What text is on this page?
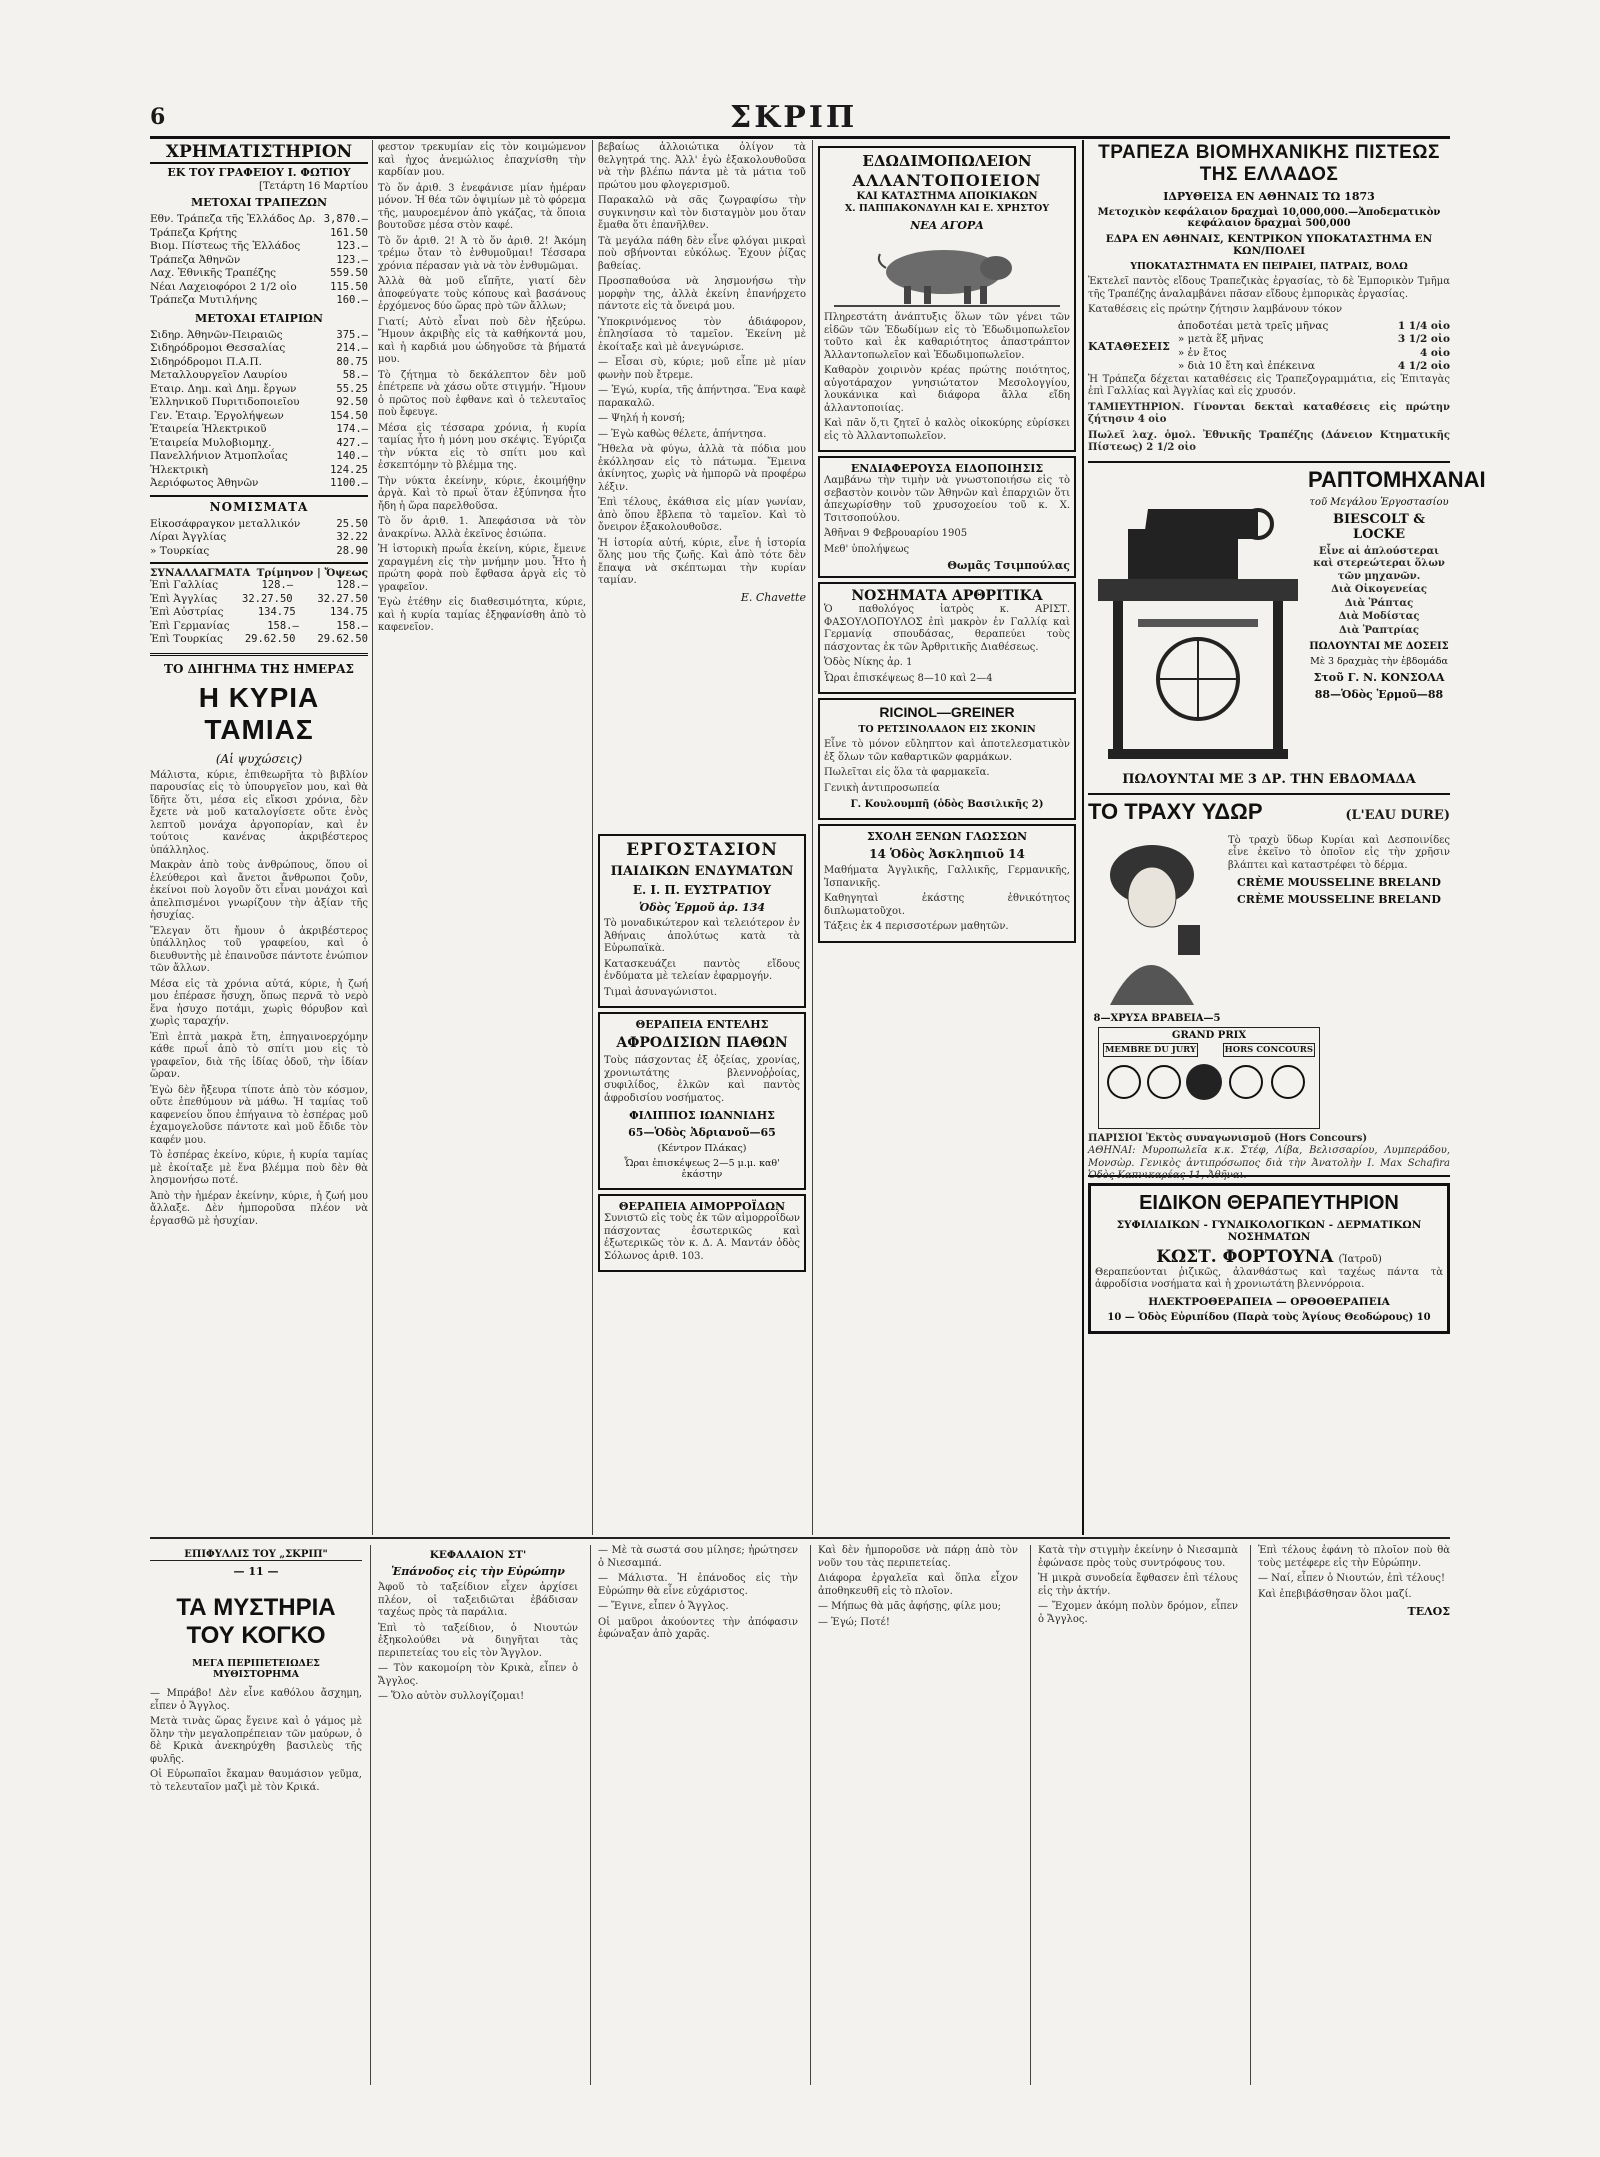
6	ΣΚΡΙΠ
ΧΡΗΜΑΤΙΣΤΗΡΙΟΝ
ΕΚ ΤΟΥ ΓΡΑΦΕΙΟΥ Ι. ΦΩΤΙΟΥ
[Τετάρτη 16 Μαρτίου
ΜΕΤΟΧΑΙ ΤΡΑΠΕΖΩΝ
Εθν. Τράπεζα τῆς Ἑλλάδος Δρ. 3,870.—
Τράπεζα Κρήτης	161.50
Βιομ. Πίστεως τῆς Ἑλλάδος	123.—
Τράπεζα Ἀθηνῶν	123.—
Λαχ. Ἐθνικῆς Τραπέζης	559.50
Νέαι Λαχειοφόροι 2 1/2 οἰο	115.50
Τράπεζα Μυτιλήνης	160.—
ΜΕΤΟΧΑΙ ΕΤΑΙΡΙΩΝ
Σιδηρ. Ἀθηνῶν-Πειραιῶς	375.—
Σιδηρόδρομοι Θεσσαλίας	214.—
Σιδηρόδρομοι Π.Α.Π.	80.75
Μεταλλουργεῖον Λαυρίου	58.—
Εταιρ. Δημ. καὶ Δημ. ἔργων	55.25
Ἑλληνικοῦ Πυριτιδοποιεῖου	92.50
Γεν. Ἑταιρ. Ἐργολήψεων	154.50
Ἑταιρεία Ἠλεκτρικοῦ	174.—
Ἑταιρεία Μυλοβιομηχ.	427.—
Πανελλήνιον Ἀτμοπλοΐας	140.—
Ἠλεκτρικὴ	124.25
Ἀεριόφωτος Ἀθηνῶν	1100.—
ΝΟΜΙΣΜΑΤΑ
Εἰκοσάφραγκον μεταλλικόν	25.50
Λίραι Ἀγγλίας	32.22
» Τουρκίας	28.90
ΣΥΝΑΛΛΑΓΜΑΤΑ Τρίμηνον | Ὄψεως
Ἐπὶ Γαλλίας	128.—	128.—
Ἐπὶ Ἀγγλίας 32.27.50 32.27.50
Ἐπὶ Αὐστρίας	134.75	134.75
Ἐπὶ Γερμανίας	158.—	158.—
Ἐπὶ Τουρκίας 29.62.50 29.62.50
ΤΟ ΔΙΗΓΗΜΑ ΤΗΣ ΗΜΕΡΑΣ
Η ΚΥΡΙΑ ΤΑΜΙΑΣ
(Αἱ ψυχώσεις)

Μάλιστα, κύριε, ἐπιθεωρῆτα τὸ βιβλίον παρουσίας εἰς τὸ ὑπουργεῖον μου, καὶ θὰ ἴδῆτε ὅτι, μέσα εἰς εἴκοσι χρόνια, δὲν ἔχετε νὰ μοῦ καταλογίσετε οὔτε ἑνὸς λεπτοῦ μονάχα ἀργοπορίαν, καὶ ἐν τούτοις κανένας ἀκριβέστερος ὑπάλληλος.

Μακρὰν ἀπὸ τοὺς ἀνθρώπους, ὅπου οἱ ἐλεύθεροι καὶ ἄνετοι ἄνθρωποι ζοῦν, ἐκείνοι ποὺ λογοῦν ὅτι εἶναι μονάχοι καὶ ἀπελπισμένοι γνωρίζουν τὴν ἀξίαν τῆς ἡσυχίας.

Ἔλεγαν ὅτι ἤμουν ὁ ἀκριβέστερος ὑπάλληλος τοῦ γραφείου, καὶ ὁ διευθυντὴς μὲ ἐπαινοῦσε πάντοτε ἐνώπιον τῶν ἄλλων.

Μέσα εἰς τὰ χρόνια αὐτά, κύριε, ἡ ζωή μου ἐπέρασε ἥσυχη, ὅπως περνᾶ τὸ νερὸ ἕνα ἡσυχο ποτάμι, χωρὶς θόρυβον καὶ χωρὶς ταραχήν.

Ἐπὶ ἑπτὰ μακρὰ ἔτη, ἐπηγαινοερχόμην κάθε πρωΐ ἀπὸ τὸ σπίτι μου εἰς τὸ γραφεῖον, διὰ τῆς ἰδίας ὁδοῦ, τὴν ἰδίαν ὥραν.

Ἐγὼ δὲν ἤξευρα τίποτε ἀπὸ τὸν κόσμον, οὔτε ἐπεθύμουν νὰ μάθω. Ἡ ταμίας τοῦ καφενείου ὅπου ἐπήγαινα τὸ ἑσπέρας μοῦ ἐχαμογελοῦσε πάντοτε καὶ μοῦ ἔδιδε τὸν καφέν μου.

Τὸ ἑσπέρας ἐκείνο, κύριε, ἡ κυρία ταμίας μὲ ἐκοίταξε μὲ ἕνα βλέμμα ποὺ δὲν θὰ λησμονήσω ποτέ.

Ἀπὸ τὴν ἡμέραν ἐκείνην, κύριε, ἡ ζωή μου ἄλλαξε. Δὲν ἠμποροῦσα πλέον νὰ ἐργασθῶ μὲ ἡσυχίαν.

φεστον τρεκυμίαν εἰς τὸν κοιμώμενον καὶ ἠχος ἀνεμώλιος ἐπαχνίσθη τὴν καρδίαν μου.

Τὸ ὅν ἀριθ. 3 ἐνεφάνισε μίαν ἡμέραν μόνον. Ἡ θέα τῶν ὀψιμίων μὲ τὸ φόρεμα τῆς, μαυροεμένον ἀπὸ γκάζας, τὰ ὅποια βουτοῦσε μέσα στὸν καφέ.

Τὸ ὅν ἀριθ. 2! Ἀ τὸ ὅν ἀριθ. 2! Ἀκόμη τρέμω ὅταν τὸ ἐνθυμοῦμαι! Τέσσαρα χρόνια πέρασαν γιὰ νὰ τὸν ἐνθυμῶμαι.

Ἀλλὰ θὰ μοῦ εἴπῆτε, γιατί δὲν ἀποφεύγατε τοὺς κόπους καὶ βασάνους ἐρχόμενος δύο ὥρας πρὸ τῶν ἄλλων;

Γιατί; Αὐτὸ εἶναι ποὺ δὲν ἠξεύρω. Ἤμουν ἀκριβὴς εἰς τὰ καθήκοντά μου, καὶ ἡ καρδιά μου ὠδηγοῦσε τὰ βήματά μου.

Τὸ ζήτημα τὸ δεκάλεπτον δὲν μοῦ ἐπέτρεπε νὰ χάσω οὔτε στιγμήν. Ἤμουν ὁ πρῶτος ποὺ ἐφθανε καὶ ὁ τελευταῖος ποὺ ἔφευγε.

Μέσα εἰς τέσσαρα χρόνια, ἡ κυρία ταμίας ἦτο ἡ μόνη μου σκέψις. Ἐγύριζα τὴν νύκτα εἰς τὸ σπίτι μου καὶ ἐσκεπτόμην τὸ βλέμμα της.

Τὴν νύκτα ἐκείνην, κύριε, ἐκοιμήθην ἀργὰ. Καὶ τὸ πρωΐ ὅταν ἐξύπνησα ἦτο ἤδη ἡ ὥρα παρελθοῦσα.

Τὸ ὅν ἀριθ. 1. Ἀπεφάσισα νὰ τὸν ἀνακρίνω. Ἀλλὰ ἐκεῖνος ἐσιώπα.

Ἡ ἱστορικὴ πρωΐα ἐκείνη, κύριε, ἔμεινε χαραγμένη εἰς τὴν μνήμην μου. Ἦτο ἡ πρώτη φορὰ ποὺ ἔφθασα ἀργὰ εἰς τὸ γραφεῖον.

Ἐγὼ ἐτέθην εἰς διαθεσιμότητα, κύριε, καὶ ἡ κυρία ταμίας ἐξηφανίσθη ἀπὸ τὸ καφενεῖον.

βεβαίως ἀλλοιώτικα ὀλίγον τὰ θελγητρά της. Ἀλλ' ἐγὼ ἐξακολουθοῦσα νὰ τὴν βλέπω πάντα μὲ τὰ μάτια τοῦ πρώτου μου φλογερισμοῦ.

Παρακαλῶ νὰ σᾶς ζωγραφίσω τὴν συγκινησιν καὶ τὸν δισταγμὸν μου ὅταν ἔμαθα ὅτι ἐπανῆλθεν.

Τὰ μεγάλα πάθη δὲν εἶνε φλόγαι μικραὶ ποὺ σβήνονται εὐκόλως. Ἐχουν ῥίζας βαθείας.

Προσπαθούσα νὰ λησμονήσω τὴν μορφὴν της, ἀλλὰ ἐκείνη ἐπανήρχετο πάντοτε εἰς τὰ ὄνειρά μου.

Ὑποκρινόμενος τὸν ἀδιάφορον, ἐπλησίασα τὸ ταμεῖον. Ἐκείνη μὲ ἐκοίταξε καὶ μὲ ἀνεγνώρισε.

— Εἶσαι σὺ, κύριε; μοῦ εἶπε μὲ μίαν φωνὴν ποὺ ἔτρεμε.

— Ἐγώ, κυρία, τῆς ἀπήντησα. Ἕνα καφὲ παρακαλῶ.

— Ψηλή ἡ κονσή;

— Ἐγὼ καθὼς θέλετε, ἀπήντησα.

Ἤθελα νὰ φύγω, ἀλλὰ τὰ πόδια μου ἐκόλλησαν εἰς τὸ πάτωμα. Ἔμεινα ἀκίνητος, χωρὶς νὰ ἠμπορῶ νὰ προφέρω λέξιν.

Ἐπὶ τέλους, ἐκάθισα εἰς μίαν γωνίαν, ἀπὸ ὅπου ἔβλεπα τὸ ταμεῖον. Καὶ τὸ ὄνειρον ἐξακολουθοῦσε.

Ἡ ἱστορία αὐτή, κύριε, εἶνε ἡ ἱστορία ὅλης μου τῆς ζωῆς. Καὶ ἀπὸ τότε δὲν ἔπαψα νὰ σκέπτωμαι τὴν κυρίαν ταμίαν.

E. Chavette
ΕΔΩΔΙΜΟΠΩΛΕΙΟΝ
ΑΛΛΑΝΤΟΠΟΙΕΙΟΝ
ΚΑΙ ΚΑΤΑΣΤΗΜΑ ΑΠΟΙΚΙΑΚΩΝ
Χ. ΠΑΠΠΑΚΟΝΔΥΛΗ ΚΑΙ Ε. ΧΡΗΣΤΟΥ
ΝΕΑ ΑΓΟΡΑ

Πληρεστάτη ἀνάπτυξις ὅλων τῶν γένει τῶν εἰδῶν τῶν Ἐδωδίμων εἰς τὸ Ἐδωδιμοπωλεῖον τοῦτο καὶ ἐκ καθαριότητος ἀπαστράπτον Ἀλλαντοπωλεῖον καὶ Ἐδωδιμοπωλεῖον.

Καθαρὸν χοιρινὸν κρέας πρώτης ποιότητος, αὐγοτάραχον γνησιώτατον Μεσολογγίου, λουκάνικα καὶ διάφορα ἄλλα εἴδη ἀλλαντοποιίας.

Καὶ πᾶν ὅ,τι ζητεῖ ὁ καλὸς οἰκοκύρης εὑρίσκει εἰς τὸ Ἀλλαντοπωλεῖον.

ΕΝΔΙΑΦΕΡΟΥΣΑ ΕΙΔΟΠΟΙΗΣΙΣ

Λαμβάνω τὴν τιμὴν νὰ γνωστοποιήσω εἰς τὸ σεβαστὸν κοινὸν τῶν Ἀθηνῶν καὶ ἐπαρχιῶν ὅτι ἀπεχωρίσθην τοῦ χρυσοχοείου τοῦ κ. Χ. Τσιτσοπούλου.

Ἀθῆναι 9 Φεβρουαρίου 1905

Μεθ' ὑπολήψεως

Θωμᾶς Τσιμπούλας
ΝΟΣΗΜΑΤΑ ΑΡΘΡΙΤΙΚΑ

Ὁ παθολόγος ἰατρὸς κ. ΑΡΙΣΤ. ΦΑΣΟΥΛΟΠΟΥΛΟΣ ἐπὶ μακρὸν ἐν Γαλλίᾳ καὶ Γερμανίᾳ σπουδάσας, θεραπεύει τοὺς πάσχοντας ἐκ τῶν Ἀρθριτικῆς Διαθέσεως.

Ὁδὸς Νίκης ἀρ. 1

Ὧραι ἐπισκέψεως 8—10 καὶ 2—4

RICINOL—GREINER
ΤΟ ΡΕΤΣΙΝΟΛΑΔΟΝ ΕΙΣ ΣΚΟΝΙΝ

Εἶνε τὸ μόνον εὔληπτον καὶ ἀποτελεσματικὸν ἐξ ὅλων τῶν καθαρτικῶν φαρμάκων.

Πωλεῖται εἰς ὅλα τὰ φαρμακεῖα.

Γενικὴ ἀντιπροσωπεία

Γ. Κουλουμπῆ (ὁδὸς Βασιλικῆς 2)
ΣΧΟΛΗ ΞΕΝΩΝ ΓΛΩΣΣΩΝ
14 Ὁδὸς Ἀσκληπιοῦ 14

Μαθήματα Ἀγγλικῆς, Γαλλικῆς, Γερμανικῆς, Ἰσπανικῆς.

Καθηγηταὶ ἐκάστης ἐθνικότητος διπλωματοῦχοι.

Τάξεις ἐκ 4 περισσοτέρων μαθητῶν.

ΕΡΓΟΣΤΑΣΙΟΝ
ΠΑΙΔΙΚΩΝ ΕΝΔΥΜΑΤΩΝ
Ε. Ι. Π. ΕΥΣΤΡΑΤΙΟΥ
Ὁδὸς Ἑρμοῦ ἀρ. 134

Τὸ μοναδικώτερον καὶ τελειότερον ἐν Ἀθήναις ἀπολύτως κατὰ τὰ Εὐρωπαϊκὰ.

Κατασκευάζει παντὸς εἴδους ἐνδύματα μὲ τελείαν ἐφαρμογήν.

Τιμαὶ ἀσυναγώνιστοι.

ΘΕΡΑΠΕΙΑ ΕΝΤΕΛΗΣ
ΑΦΡΟΔΙΣΙΩΝ ΠΑΘΩΝ

Τοὺς πάσχοντας ἐξ ὀξείας, χρονίας, χρονιωτάτης βλεννοῤῥοίας, συφιλίδος, ἑλκῶν καὶ παντὸς ἀφροδισίου νοσήματος.

ΦΙΛΙΠΠΟΣ ΙΩΑΝΝΙΔΗΣ
65—Ὁδὸς Ἀδριανοῦ—65
(Κέντρον Πλάκας)
Ὧραι ἐπισκέψεως 2—5 μ.μ. καθ' ἑκάστην
ΘΕΡΑΠΕΙΑ ΑΙΜΟΡΡΟΪΔΩΝ

Συνιστῶ εἰς τοὺς ἐκ τῶν αἱμορροΐδων πάσχοντας ἐσωτερικῶς καὶ ἐξωτερικῶς τὸν κ. Δ. Α. Μαντάν ὁδὸς Σόλωνος ἀριθ. 103.

ΤΡΑΠΕΖΑ ΒΙΟΜΗΧΑΝΙΚΗΣ ΠΙΣΤΕΩΣ ΤΗΣ ΕΛΛΑΔΟΣ
ΙΔΡΥΘΕΙΣΑ ΕΝ ΑΘΗΝΑΙΣ ΤΩ 1873
Μετοχικὸν κεφάλαιον δραχμαὶ 10,000,000.—Ἀποδεματικὸν κεφάλαιον δραχμαὶ 500,000
ΕΔΡΑ ΕΝ ΑΘΗΝΑΙΣ, ΚΕΝΤΡΙΚΟΝ ΥΠΟΚΑΤΑΣΤΗΜΑ ΕΝ ΚΩΝ/ΠΟΛΕΙ
ΥΠΟΚΑΤΑΣΤΗΜΑΤΑ ΕΝ ΠΕΙΡΑΙΕΙ, ΠΑΤΡΑΙΣ, ΒΟΛΩ

Ἐκτελεῖ παντὸς εἴδους Τραπεζικὰς ἐργασίας, τὸ δὲ Ἐμπορικὸν Τμῆμα τῆς Τραπέζης ἀναλαμβάνει πᾶσαν εἴδους ἐμπορικὰς ἐργασίας.

Καταθέσεις εἰς πρώτην ζήτησιν λαμβάνουν τόκον

ΚΑΤΑΘΕΣΕΙΣ
ἀποδοτέαι μετὰ τρεῖς μῆνας	1 1/4 οἰο
» μετὰ ἕξ μῆνας	3 1/2 οἰο
» ἐν ἔτος	4 οἰο
» διὰ 10 ἔτη καὶ ἐπέκεινα	4 1/2 οἰο

Ἡ Τράπεζα δέχεται καταθέσεις εἰς Τραπεζογραμμάτια, εἰς Ἐπιταγὰς ἐπὶ Γαλλίας καὶ Ἀγγλίας καὶ εἰς χρυσόν.

ΤΑΜΙΕΥΤΗΡΙΟΝ. Γίνονται δεκταὶ καταθέσεις εἰς πρώτην ζήτησιν 4 οἰο

Πωλεῖ λαχ. ὁμολ. Ἐθνικῆς Τραπέζης (Δάνειον Κτηματικῆς Πίστεως) 2 1/2 οἰο

ΡΑΠΤΟΜΗΧΑΝΑΙ
τοῦ Μεγάλου Ἐργοστασίου
BIESCOLT & LOCKE

Εἶνε αἱ ἀπλούστεραι καὶ στερεώτεραι ὅλων τῶν μηχανῶν.

Διὰ Οἰκογενείας

Διὰ Ῥάπτας

Διὰ Μοδίστας

Διὰ Ῥαπτρίας

ΠΩΛΟΥΝΤΑΙ ΜΕ ΔΟΣΕΙΣ
Μὲ 3 δραχμὰς τὴν ἑβδομάδα
Στοῦ Γ. Ν. ΚΟΝΣΟΛΑ
88—Ὁδὸς Ἑρμοῦ—88
ΠΩΛΟΥΝΤΑΙ ΜΕ 3 ΔΡ. ΤΗΝ ΕΒΔΟΜΑΔΑ
ΤΟ ΤΡΑΧΥ ΥΔΩΡ	(L'EAU DURE)

Τὸ τραχὺ ὕδωρ Κυρίαι καὶ Δεσποινίδες εἶνε ἐκεῖνο τὸ ὁποῖον εἰς τὴν χρῆσιν βλάπτει καὶ καταστρέφει τὸ δέρμα.

CRÈME MOUSSELINE BRELAND
CRÈME MOUSSELINE BRELAND
8—ΧΡΥΣΑ ΒΡΑΒΕΙΑ—5
GRAND PRIX
MEMBRE DU JURY	HORS CONCOURS

ΠΑΡΙΣΙΟΙ Ἐκτὸς συναγωνισμοῦ (Hors Concours)

ΑΘΗΝΑΙ: Μυροπωλεῖα κ.κ. Στέφ, Λίβα, Βελισσαρίου, Λυμπεράδου, Μονσὼρ. Γενικὸς ἀντιπρόσωπος διὰ τὴν Ἀνατολὴν I. Max Schafira Ὁδὸς Καπνικαρέας 11, Ἀθῆναι.

ΕΙΔΙΚΟΝ ΘΕΡΑΠΕΥΤΗΡΙΟΝ
ΣΥΦΙΛΙΔΙΚΩΝ - ΓΥΝΑΙΚΟΛΟΓΙΚΩΝ - ΔΕΡΜΑΤΙΚΩΝ ΝΟΣΗΜΑΤΩΝ
ΚΩΣΤ. ΦΟΡΤΟΥΝΑ (Ἰατροῦ)

Θεραπεύονται ῥιζικῶς, ἀλανθάστως καὶ ταχέως πάντα τὰ ἀφροδίσια νοσήματα καὶ ἡ χρονιωτάτη βλεννόρροια.

ΗΛΕΚΤΡΟΘΕΡΑΠΕΙΑ — ΟΡΘΟΘΕΡΑΠΕΙΑ
10 — Ὁδὸς Εὐριπίδου (Παρὰ τοὺς Ἁγίους Θεοδώρους) 10
ΕΠΙΦΥΛΛΙΣ ΤΟΥ „ΣΚΡΙΠ"
— 11 —
ΤΑ ΜΥΣΤΗΡΙΑ ΤΟΥ ΚΟΓΚΟ
ΜΕΓΑ ΠΕΡΙΠΕΤΕΙΩΔΕΣ ΜΥΘΙΣΤΟΡΗΜΑ

— Μπράβο! Δὲν εἶνε καθόλου ἄσχημη, εἶπεν ὁ Ἄγγλος.

Μετὰ τινὰς ὥρας ἔγεινε καὶ ὁ γάμος μὲ ὅλην τὴν μεγαλοπρέπειαν τῶν μαύρων, ὁ δὲ Κρικὰ ἀνεκηρύχθη βασιλεὺς τῆς φυλῆς.

Οἱ Εὐρωπαῖοι ἔκαμαν θαυμάσιον γεῦμα, τὸ τελευταῖον μαζὶ μὲ τὸν Κρικά.

ΚΕΦΑΛΑΙΟΝ ΣΤ'
Ἐπάνοδος εἰς τὴν Εὐρώπην

Ἀφοῦ τὸ ταξείδιον εἶχεν ἀρχίσει πλέον, οἱ ταξειδιῶται ἐβάδισαν ταχέως πρὸς τὰ παράλια.

Ἐπὶ τὸ ταξείδιον, ὁ Νιουτών ἐξηκολούθει νὰ διηγῆται τὰς περιπετείας του εἰς τὸν Ἄγγλον.

— Τὸν κακομοίρη τὸν Κρικὰ, εἶπεν ὁ Ἄγγλος.

— Ὅλο αὐτὸν συλλογίζομαι!

— Μὲ τὰ σωστά σου μίλησε; ἠρώτησεν ὁ Νιεσαμπά.

— Μάλιστα. Ἡ ἐπάνοδος εἰς τὴν Εὐρώπην θὰ εἶνε εὐχάριστος.

— Ἔγινε, εἶπεν ὁ Ἄγγλος.

Οἱ μαῦροι ἀκούοντες τὴν ἀπόφασιν ἐφώναξαν ἀπὸ χαρᾶς.

Καὶ δὲν ἠμποροῦσε νὰ πάρῃ ἀπὸ τὸν νοῦν του τὰς περιπετείας.

Διάφορα ἐργαλεῖα καὶ ὅπλα εἶχον ἀποθηκευθῆ εἰς τὸ πλοῖον.

— Μήπως θὰ μᾶς ἀφήσῃς, φίλε μου;

— Ἐγώ; Ποτέ!

Κατὰ τὴν στιγμὴν ἐκείνην ὁ Νιεσαμπὰ ἐφώνασε πρὸς τοὺς συντρόφους του.

Ἡ μικρὰ συνοδεία ἔφθασεν ἐπὶ τέλους εἰς τὴν ἀκτήν.

— Ἔχομεν ἀκόμη πολὺν δρόμον, εἶπεν ὁ Ἄγγλος.

Ἐπὶ τέλους ἐφάνη τὸ πλοῖον ποὺ θὰ τοὺς μετέφερε εἰς τὴν Εὐρώπην.

— Ναί, εἶπεν ὁ Νιουτών, ἐπὶ τέλους!

Καὶ ἐπεβιβάσθησαν ὅλοι μαζί.

ΤΕΛΟΣ
